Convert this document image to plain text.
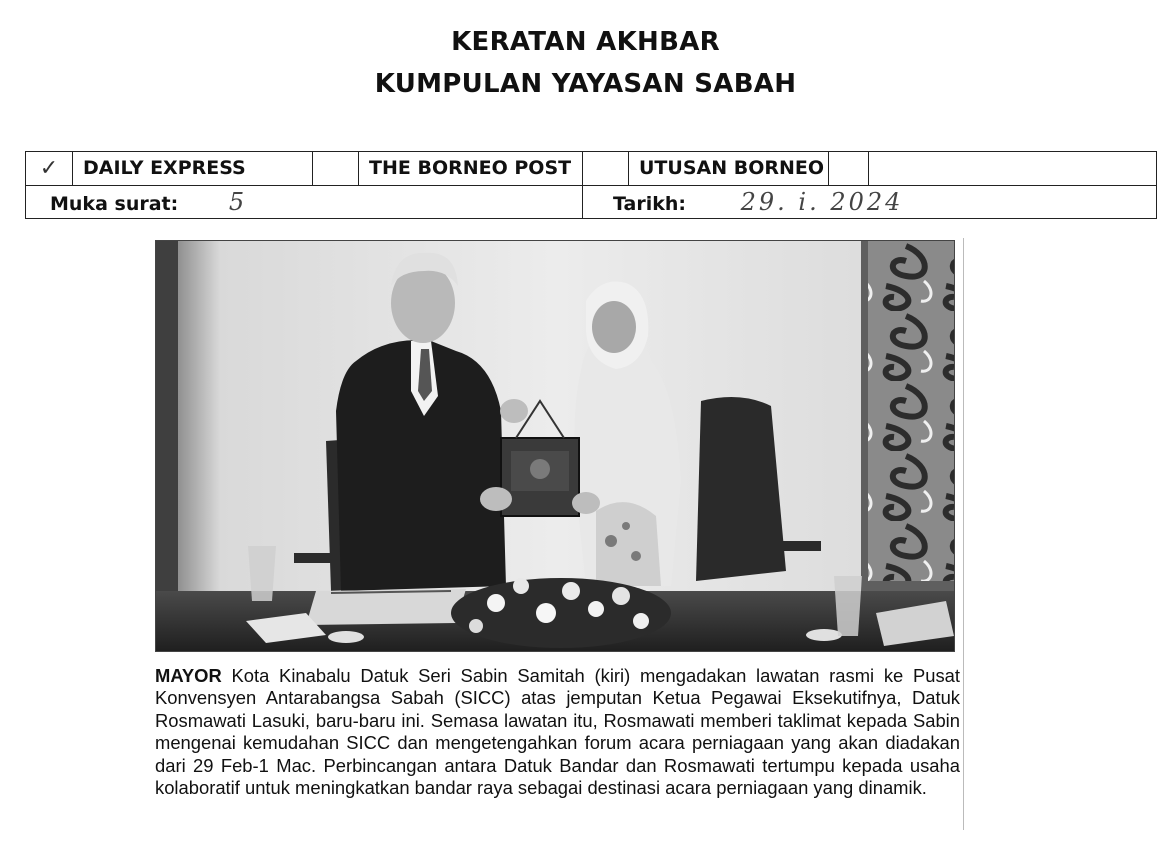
KERATAN AKHBAR
KUMPULAN YAYASAN SABAH
✓	DAILY EXPRESS		THE BORNEO POST		UTUSAN BORNEO		
Muka surat: 5				Tarikh: 29. i. 2024			
MAYOR Kota Kinabalu Datuk Seri Sabin Samitah (kiri) mengadakan lawatan rasmi ke Pusat Konvensyen Antarabangsa Sabah (SICC) atas jemputan Ketua Pegawai Eksekutifnya, Datuk Rosmawati Lasuki, baru-baru ini. Semasa lawatan itu, Rosmawati memberi taklimat kepada Sabin mengenai kemudahan SICC dan mengetengahkan forum acara perniagaan yang akan diadakan dari 29 Feb-1 Mac. Perbincangan antara Datuk Bandar dan Rosmawati tertumpu kepada usaha kolaboratif untuk meningkatkan bandar raya sebagai destinasi acara perniagaan yang dinamik.
